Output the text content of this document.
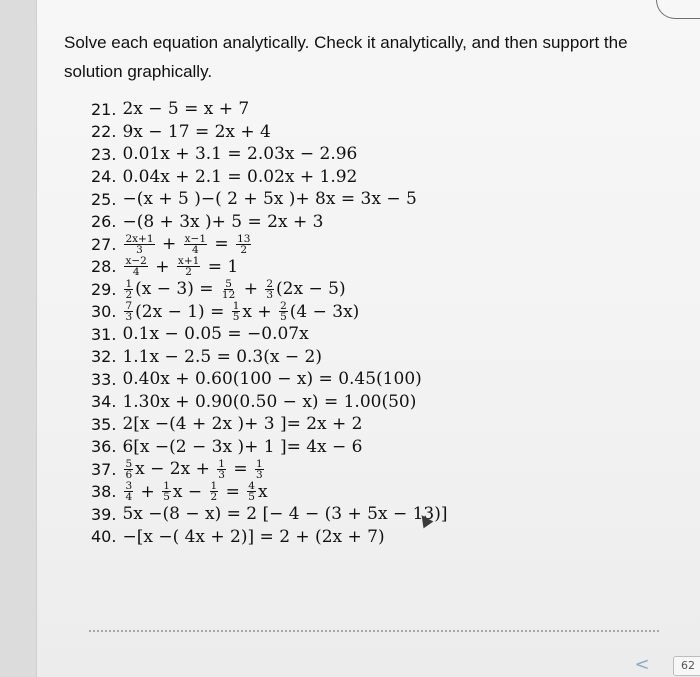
Solve each equation analytically. Check it analytically, and then support the solution graphically.
21. 2x − 5 = x + 7
22. 9x − 17 = 2x + 4
23. 0.01x + 3.1 = 2.03x − 2.96
24. 0.04x + 2.1 = 0.02x + 1.92
25. −(x + 5 )−( 2 + 5x )+ 8x = 3x − 5
26. −(8 + 3x )+ 5 = 2x + 3
27. $\frac{2x+1}{3} + \frac{x-1}{4} = \frac{13}{2}$
28. $\frac{x-2}{4} + \frac{x+1}{2} = 1$
29. $\frac{1}{2} (x - 3) = \frac{5}{12} + \frac{2}{3} (2x - 5)$
30. $\frac{7}{3} (2x - 1) = \frac{1}{5}$ $x + \frac{2}{5} (4 - 3x)$
31. 0.1x − 0.05 = −0.07x
32. 1.1x − 2.5 = 0.3(x − 2)
33. 0.40x + 0.60(100 − x) = 0.45(100)
34. 1.30x + 0.90(0.50 − x) = 1.00(50)
35. 2[x −(4 + 2x )+ 3 ]= 2x + 2
36. 6[x −(2 − 3x )+ 1 ]= 4x − 6
37. $\frac{5}{6}$ $x - 2x + \frac{1}{3} = \frac{1}{3}$
38. $\frac{3}{4} + \frac{1}{5}$ $x - \frac{1}{2} = \frac{4}{5}$ x
39. 5x −(8 − x) = 2 [− 4 − (3 + 5x − 13)]
40. −[x −( 4x + 2)] = 2 + (2x + 7)
<	62
